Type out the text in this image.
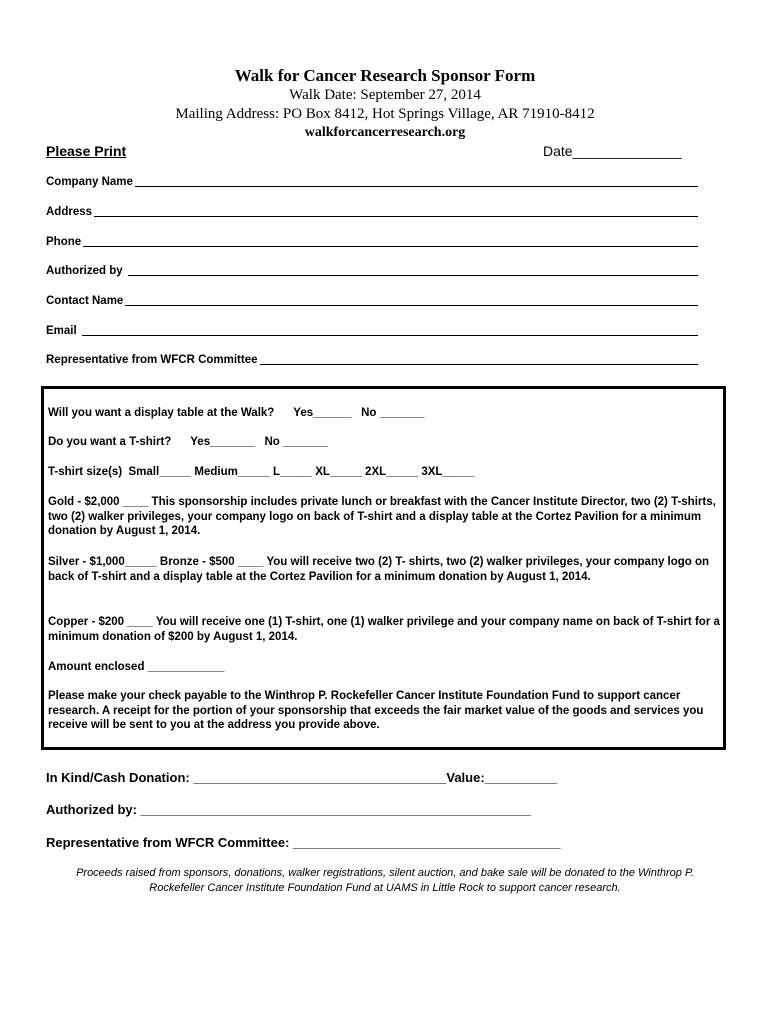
Walk for Cancer Research Sponsor Form
Walk Date: September 27, 2014
Mailing Address: PO Box 8412, Hot Springs Village, AR 71910-8412
walkforcancerresearch.org
Please Print	Date______________
Company Name
Address
Phone
Authorized by
Contact Name
Email
Representative from WFCR Committee
Will you want a display table at the Walk?      Yes______   No _______
Do you want a T-shirt?      Yes_______   No _______
T-shirt size(s)  Small_____ Medium_____ L_____ XL_____ 2XL_____ 3XL_____
Gold - $2,000 ____ This sponsorship includes private lunch or breakfast with the Cancer Institute Director, two (2) T-shirts, two (2) walker privileges, your company logo on back of T-shirt and a display table at the Cortez Pavilion for a minimum donation by August 1, 2014.
Silver - $1,000_____ Bronze - $500 ____ You will receive two (2) T- shirts, two (2) walker privileges, your company logo on back of T-shirt and a display table at the Cortez Pavilion for a minimum donation by August 1, 2014.
Copper - $200 ____ You will receive one (1) T-shirt, one (1) walker privilege and your company name on back of T-shirt for a minimum donation of $200 by August 1, 2014.
Amount enclosed ____________
Please make your check payable to the Winthrop P. Rockefeller Cancer Institute Foundation Fund to support cancer research. A receipt for the portion of your sponsorship that exceeds the fair market value of the goods and services you receive will be sent to you at the address you provide above.
In Kind/Cash Donation: ___________________________________Value:__________
Authorized by: ______________________________________________________
Representative from WFCR Committee: _____________________________________
Proceeds raised from sponsors, donations, walker registrations, silent auction, and bake sale will be donated to the Winthrop P. Rockefeller Cancer Institute Foundation Fund at UAMS in Little Rock to support cancer research.
